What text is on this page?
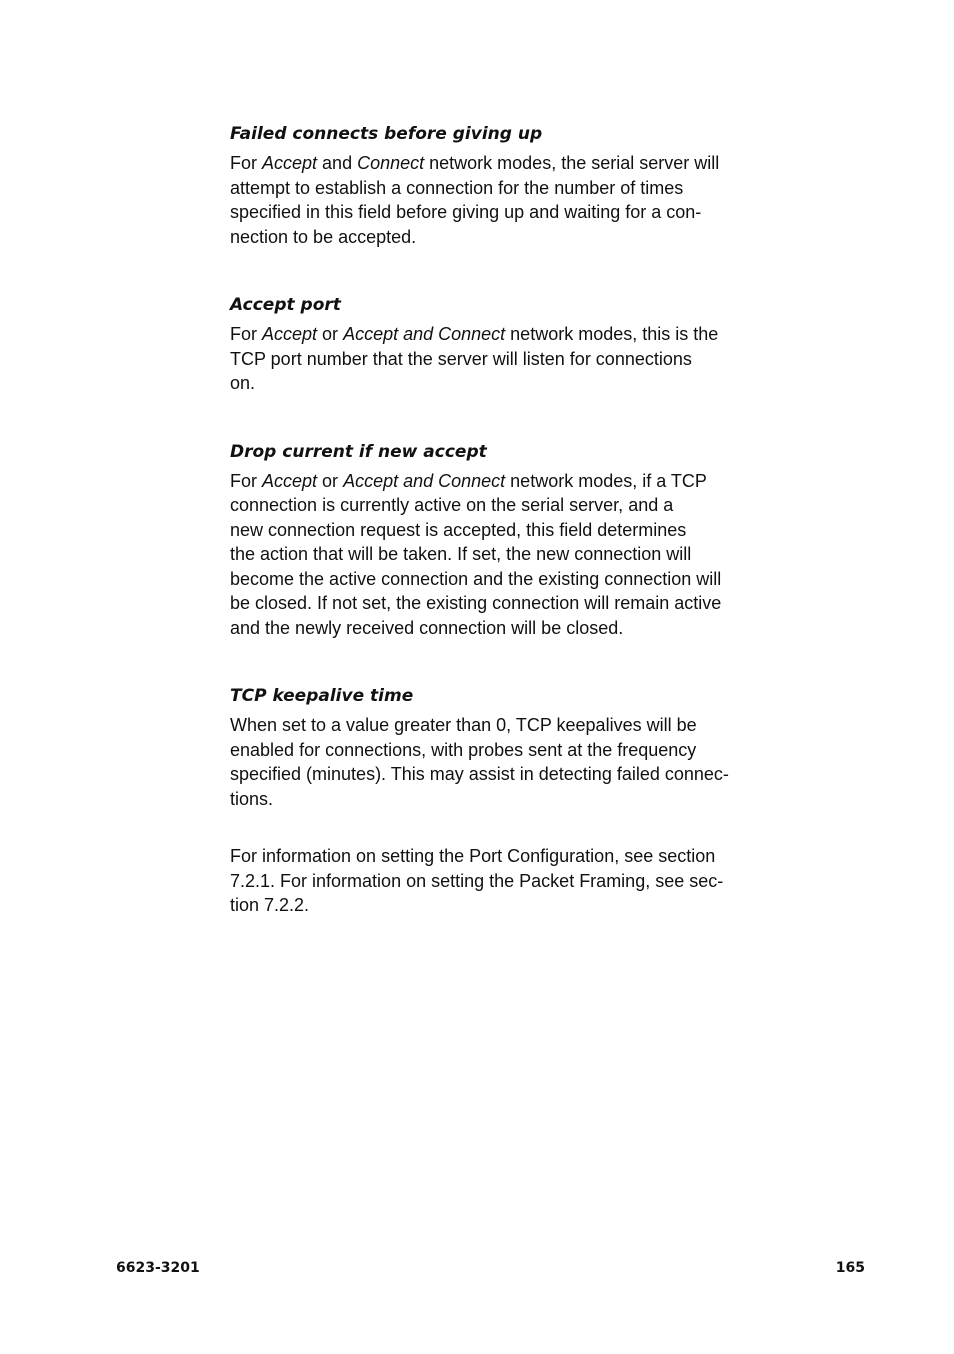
Failed connects before giving up
For Accept and Connect network modes, the serial server will
attempt to establish a connection for the number of times
specified in this field before giving up and waiting for a con-
nection to be accepted.
Accept port
For Accept or Accept and Connect network modes, this is the
TCP port number that the server will listen for connections
on.
Drop current if new accept
For Accept or Accept and Connect network modes, if a TCP
connection is currently active on the serial server, and a
new connection request is accepted, this field determines
the action that will be taken. If set, the new connection will
become the active connection and the existing connection will
be closed. If not set, the existing connection will remain active
and the newly received connection will be closed.
TCP keepalive time
When set to a value greater than 0, TCP keepalives will be
enabled for connections, with probes sent at the frequency
specified (minutes). This may assist in detecting failed connec-
tions.
For information on setting the Port Configuration, see section
7.2.1. For information on setting the Packet Framing, see sec-
tion 7.2.2.
6623-3201	165
